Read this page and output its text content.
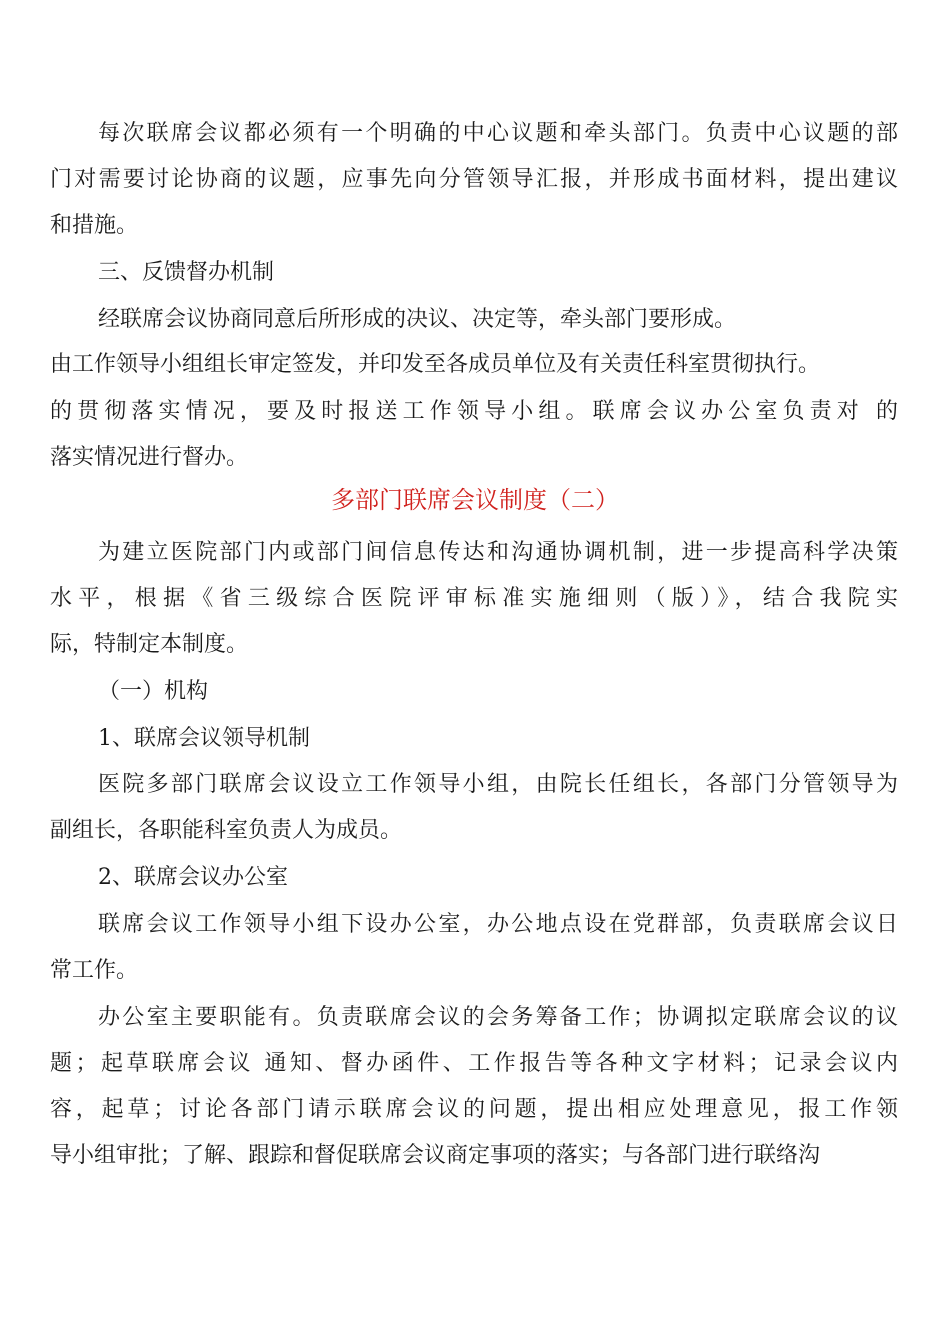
每次联席会议都必须有一个明确的中心议题和牵头部门。负责中心议题的部
门对需要讨论协商的议题，应事先向分管领导汇报，并形成书面材料，提出建议
和措施。
三、反馈督办机制
经联席会议协商同意后所形成的决议、决定等，牵头部门要形成。
由工作领导小组组长审定签发，并印发至各成员单位及有关责任科室贯彻执行。
的贯彻落实情况，要及时报送工作领导小组。联席会议办公室负责对 的
落实情况进行督办。
多部门联席会议制度（二）
为建立医院部门内或部门间信息传达和沟通协调机制，进一步提高科学决策
水平，根据《省三级综合医院评审标准实施细则（版）》，结合我院实
际，特制定本制度。
（一）机构
1、联席会议领导机制
医院多部门联席会议设立工作领导小组，由院长任组长，各部门分管领导为
副组长，各职能科室负责人为成员。
2、联席会议办公室
联席会议工作领导小组下设办公室，办公地点设在党群部，负责联席会议日
常工作。
办公室主要职能有。负责联席会议的会务筹备工作；协调拟定联席会议的议
题；起草联席会议 通知、督办函件、工作报告等各种文字材料；记录会议内
容，起草；讨论各部门请示联席会议的问题，提出相应处理意见，报工作领
导小组审批；了解、跟踪和督促联席会议商定事项的落实；与各部门进行联络沟
